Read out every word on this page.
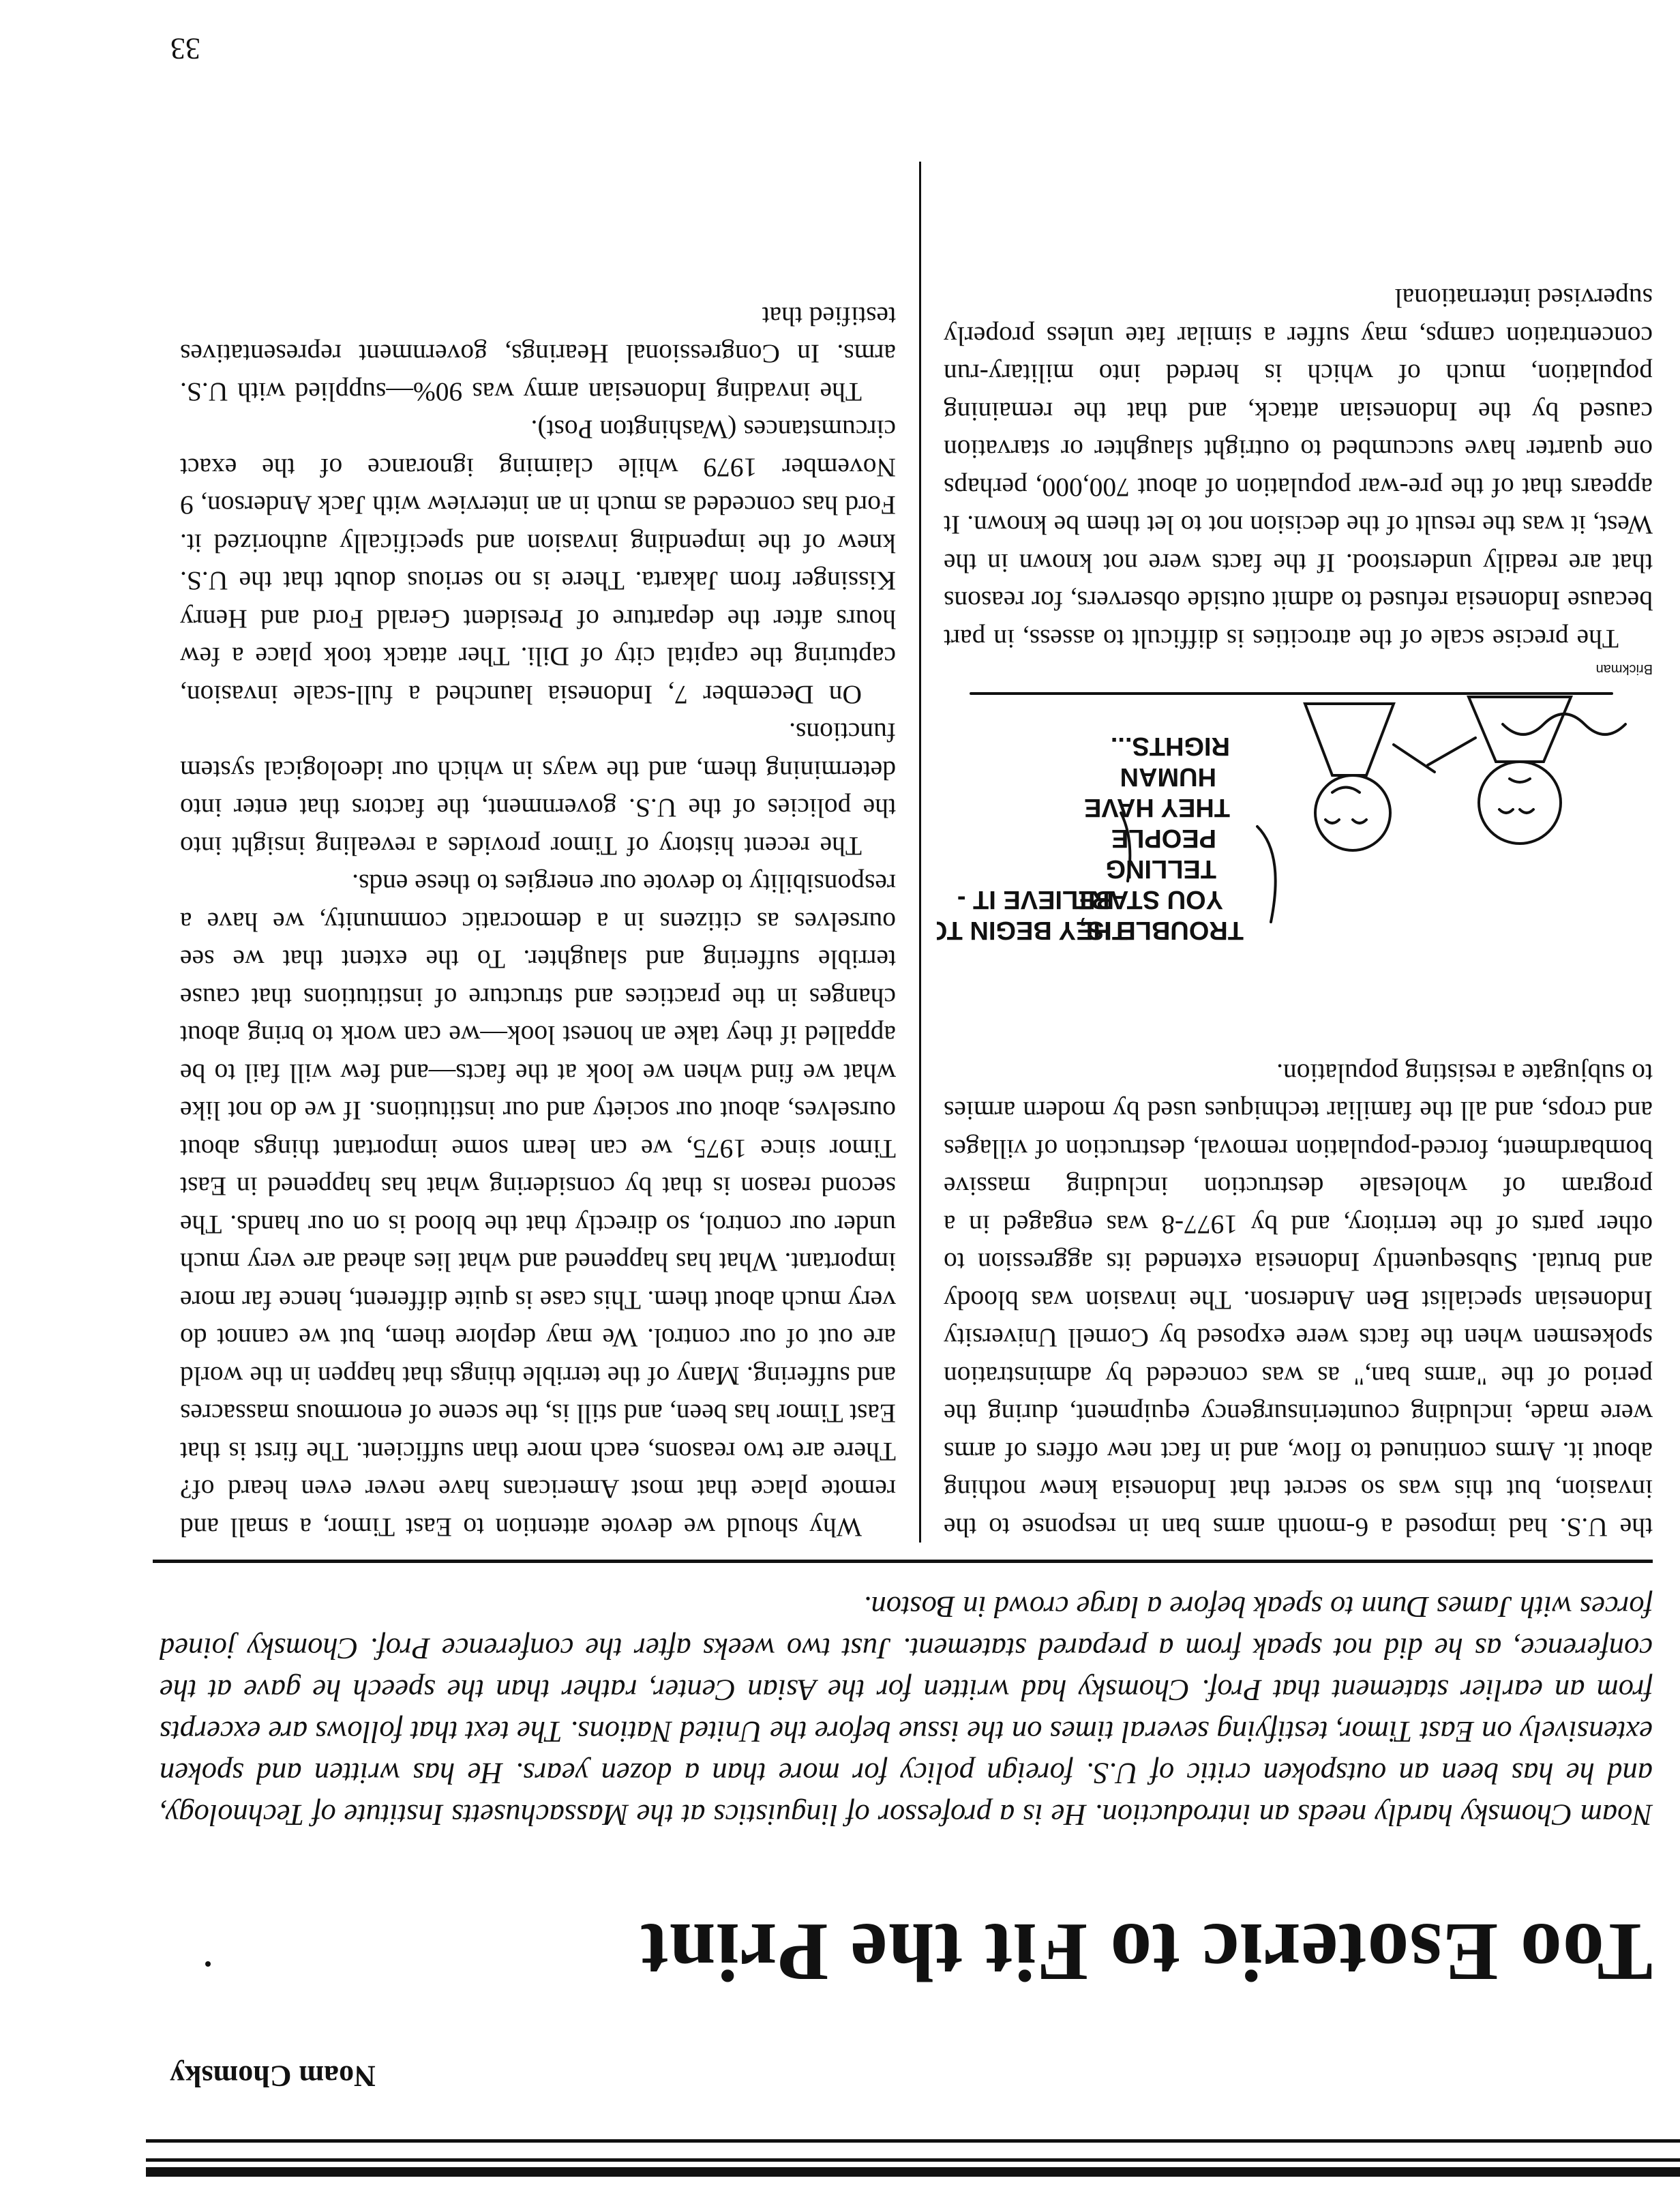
Noam Chomsky
Too Esoteric to Fit the Print
Noam Chomsky hardly needs an introduction. He is a professor of linguistics at the Massachusetts Institute of Technology, and he has been an outspoken critic of U.S. foreign policy for more than a dozen years. He has written and spoken extensively on East Timor, testifying several times on the issue before the United Nations. The text that follows are excerpts from an earlier statement that Prof. Chomsky had written for the Asian Center, rather than the speech he gave at the conference, as he did not speak from a prepared statement. Just two weeks after the conference Prof. Chomsky joined forces with James Dunn to speak before a large crowd in Boston.

the U.S. had imposed a 6-month arms ban in response to the invasion, but this was so secret that Indonesia knew nothing about it. Arms continued to flow, and in fact new offers of arms were made, including counterinsurgency equipment, during the period of the "arms ban," as was conceded by adminstration spokesmen when the facts were exposed by Cornell University Indonesian specialist Ben Anderson. The invasion was bloody and brutal. Subsequently Indonesia extended its aggression to other parts of the territory, and by 1977-8 was engaged in a program of wholesale destruction including massive bombardment, forced-population removal, destruction of villages and crops, and all the familiar techniques used by modern armies to subjugate a resisting population.

TROUBLE IS,
YOU START
TELLING
PEOPLE
THEY HAVE
HUMAN
RIGHTS...
THEY BEGIN TO
BELIEVE IT -
Brickman

The precise scale of the atrocities is difficult to assess, in part because Indonesia refused to admit outside observers, for reasons that are readily understood. If the facts were not known in the West, it was the result of the decision not to let them be known. It appears that of the pre-war population of about 700,000, perhaps one quarter have succumbed to outright slaughter or starvation caused by the Indonesian attack, and that the remaining population, much of which is herded into military-run concentration camps, may suffer a similar fate unless properly supervised international

Why should we devote attention to East Timor, a small and remote place that most Americans have never even heard of? There are two reasons, each more than sufficient. The first is that East Timor has been, and still is, the scene of enormous massacres and suffering. Many of the terrible things that happen in the world are out of our control. We may deplore them, but we cannot do very much about them. This case is quite different, hence far more important. What has happened and what lies ahead are very much under our control, so directly that the blood is on our hands. The second reason is that by considering what has happened in East Timor since 1975, we can learn some important things about ourselves, about our society and our institutions. If we do not like what we find when we look at the facts—and few will fail to be appalled if they take an honest look—we can work to bring about changes in the practices and structure of institutions that cause terrible suffering and slaughter. To the extent that we see ourselves as citizens in a democratic community, we have a responsibility to devote our energies to these ends.

The recent history of Timor provides a revealing insight into the policies of the U.S. government, the factors that enter into determining them, and the ways in which our ideological system functions.

On December 7, Indonesia launched a full-scale invasion, capturing the capital city of Dili. Ther attack took place a few hours after the departure of President Gerald Ford and Henry Kissinger from Jakarta. There is no serious doubt that the U.S. knew of the impending invasion and specifically authorized it. Ford has conceded as much in an interview with Jack Anderson, 9 November 1979 while claiming ignorance of the exact circumstances (Washington Post).

The invading Indonesian army was 90%—supplied with U.S. arms. In Congressional Hearings, government representatives testified that

33
